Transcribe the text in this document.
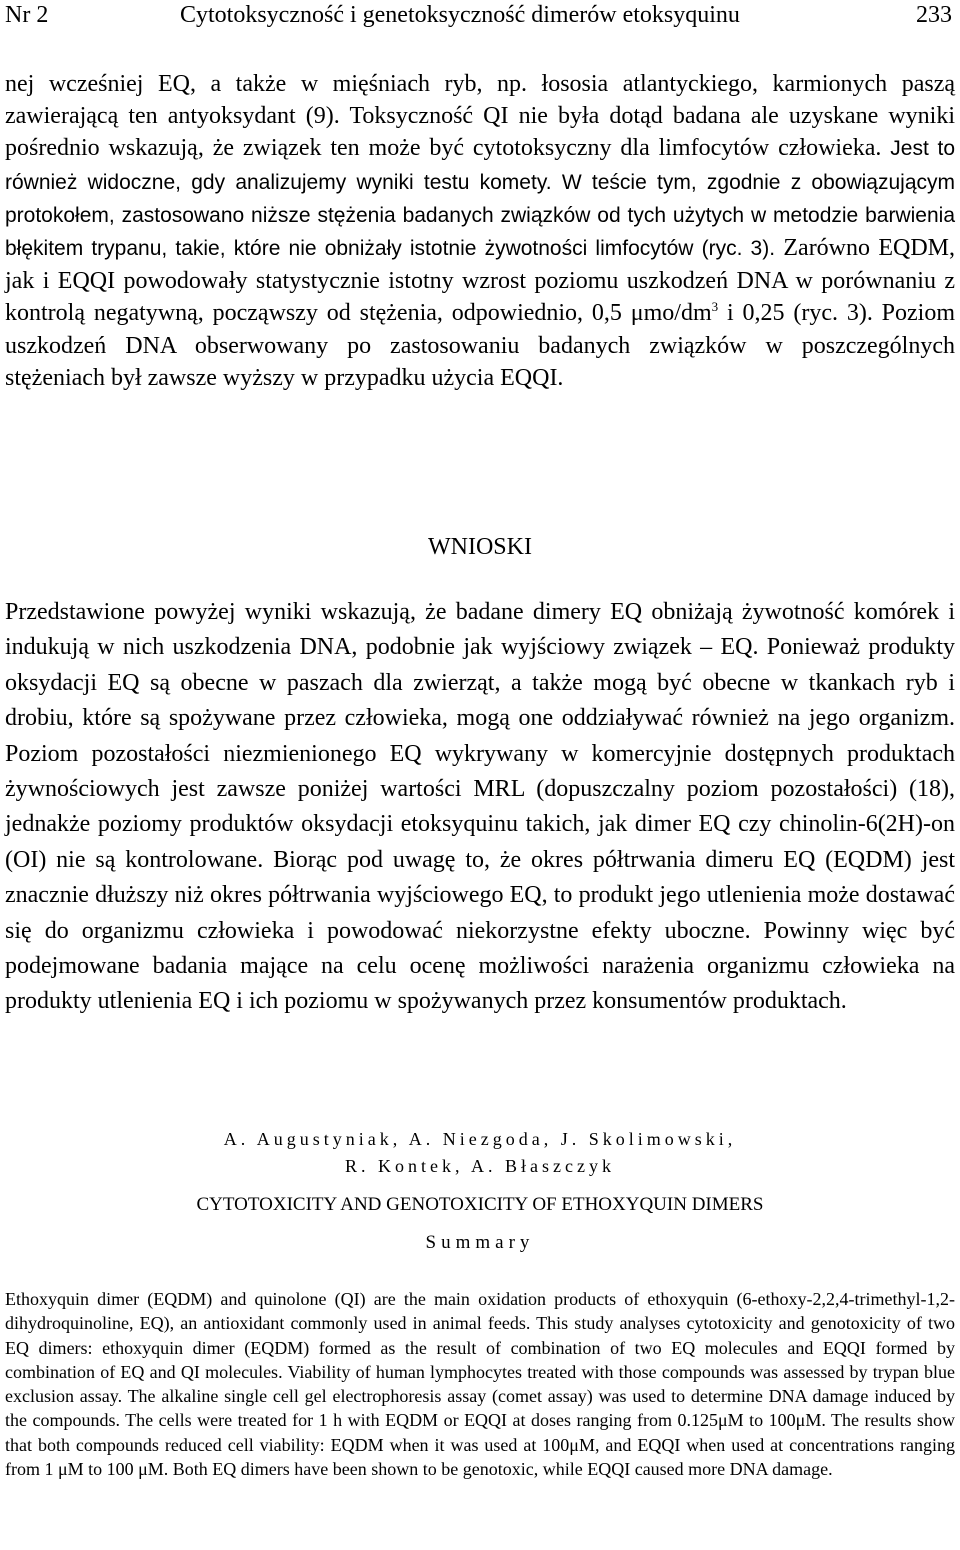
Nr 2	Cytotoksyczność i genetoksyczność dimerów etoksyquinu	233

nej wcześniej EQ, a także w mięśniach ryb, np. łososia atlantyckiego, karmionych paszą zawierającą ten antyoksydant (9). Toksyczność QI nie była dotąd badana ale uzyskane wyniki pośrednio wskazują, że związek ten może być cytotoksyczny dla limfocytów człowieka. Jest to również widoczne, gdy analizujemy wyniki testu komety. W teście tym, zgodnie z obowiązującym protokołem, zastosowano niższe stężenia badanych związków od tych użytych w metodzie barwienia błękitem trypanu, takie, które nie obniżały istotnie żywotności limfocytów (ryc. 3). Zarówno EQDM, jak i EQQI powodowały statystycznie istotny wzrost poziomu uszkodzeń DNA w porównaniu z kontrolą negatywną, począwszy od stężenia, odpowiednio, 0,5 μmo/$dm^3$ i 0,25 (ryc. 3). Poziom uszkodzeń DNA obserwowany po zastosowaniu badanych związków w poszczególnych stężeniach był zawsze wyższy w przypadku użycia EQQI.

WNIOSKI

Przedstawione powyżej wyniki wskazują, że badane dimery EQ obniżają żywotność komórek i indukują w nich uszkodzenia DNA, podobnie jak wyjściowy związek – EQ. Ponieważ produkty oksydacji EQ są obecne w paszach dla zwierząt, a także mogą być obecne w tkankach ryb i drobiu, które są spożywane przez człowieka, mogą one oddziaływać również na jego organizm. Poziom pozostałości niezmienionego EQ wykrywany w komercyjnie dostępnych produktach żywnościowych jest zawsze poniżej wartości MRL (dopuszczalny poziom pozostałości) (18), jednakże poziomy produktów oksydacji etoksyquinu takich, jak dimer EQ czy chinolin-6(2H)-on (OI) nie są kontrolowane. Biorąc pod uwagę to, że okres półtrwania dimeru EQ (EQDM) jest znacznie dłuższy niż okres półtrwania wyjściowego EQ, to produkt jego utlenienia może dostawać się do organizmu człowieka i powodować niekorzystne efekty uboczne. Powinny więc być podejmowane badania mające na celu ocenę możliwości narażenia organizmu człowieka na produkty utlenienia EQ i ich poziomu w spożywanych przez konsumentów produktach.

A. Augustyniak, A. Niezgoda, J. Skolimowski,
R. Kontek, A. Błaszczyk
CYTOTOXICITY AND GENOTOXICITY OF ETHOXYQUIN DIMERS
Summary

Ethoxyquin dimer (EQDM) and quinolone (QI) are the main oxidation products of ethoxyquin (6-ethoxy-2,2,4-trimethyl-1,2-dihydroquinoline, EQ), an antioxidant commonly used in animal feeds. This study analyses cytotoxicity and genotoxicity of two EQ dimers: ethoxyquin dimer (EQDM) formed as the result of combination of two EQ molecules and EQQI formed by combination of EQ and QI molecules. Viability of human lymphocytes treated with those compounds was assessed by trypan blue exclusion assay. The alkaline single cell gel electrophoresis assay (comet assay) was used to determine DNA damage induced by the compounds. The cells were treated for 1 h with EQDM or EQQI at doses ranging from 0.125μM to 100μM. The results show that both compounds reduced cell viability: EQDM when it was used at 100μM, and EQQI when used at concentrations ranging from 1 μM to 100 μM. Both EQ dimers have been shown to be genotoxic, while EQQI caused more DNA damage.
